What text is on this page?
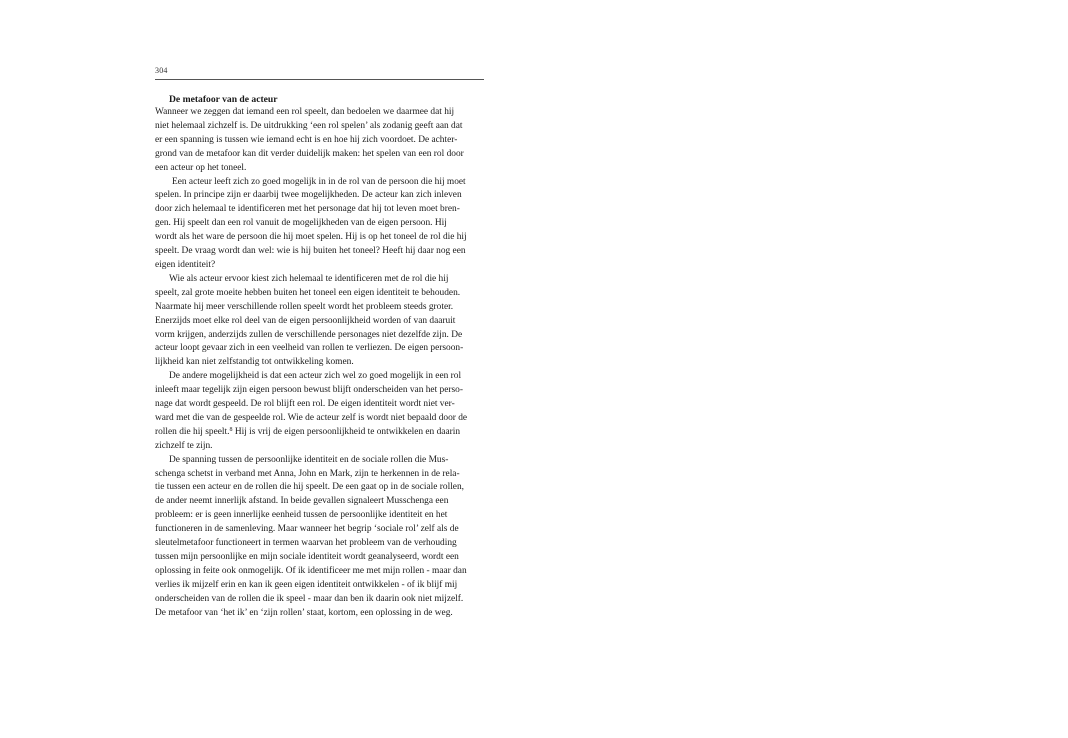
304
De metafoor van de acteur

Wanneer we zeggen dat iemand een rol speelt, dan bedoelen we daarmee dat hij
niet helemaal zichzelf is. De uitdrukking ‘een rol spelen’ als zodanig geeft aan dat
er een spanning is tussen wie iemand echt is en hoe hij zich voordoet. De achter-
grond van de metafoor kan dit verder duidelijk maken: het spelen van een rol door
een acteur op het toneel.

Een acteur leeft zich zo goed mogelijk in in de rol van de persoon die hij moet
spelen. In principe zijn er daarbij twee mogelijkheden. De acteur kan zich inleven
door zich helemaal te identificeren met het personage dat hij tot leven moet bren-
gen. Hij speelt dan een rol vanuit de mogelijkheden van de eigen persoon. Hij
wordt als het ware de persoon die hij moet spelen. Hij is op het toneel de rol die hij
speelt. De vraag wordt dan wel: wie is hij buiten het toneel? Heeft hij daar nog een
eigen identiteit?

Wie als acteur ervoor kiest zich helemaal te identificeren met de rol die hij
speelt, zal grote moeite hebben buiten het toneel een eigen identiteit te behouden.
Naarmate hij meer verschillende rollen speelt wordt het probleem steeds groter.
Enerzijds moet elke rol deel van de eigen persoonlijkheid worden of van daaruit
vorm krijgen, anderzijds zullen de verschillende personages niet dezelfde zijn. De
acteur loopt gevaar zich in een veelheid van rollen te verliezen. De eigen persoon-
lijkheid kan niet zelfstandig tot ontwikkeling komen.

De andere mogelijkheid is dat een acteur zich wel zo goed mogelijk in een rol
inleeft maar tegelijk zijn eigen persoon bewust blijft onderscheiden van het perso-
nage dat wordt gespeeld. De rol blijft een rol. De eigen identiteit wordt niet ver-
ward met die van de gespeelde rol. Wie de acteur zelf is wordt niet bepaald door de
rollen die hij speelt.$^8$ Hij is vrij de eigen persoonlijkheid te ontwikkelen en daarin
zichzelf te zijn.

De spanning tussen de persoonlijke identiteit en de sociale rollen die Mus-
schenga schetst in verband met Anna, John en Mark, zijn te herkennen in de rela-
tie tussen een acteur en de rollen die hij speelt. De een gaat op in de sociale rollen,
de ander neemt innerlijk afstand. In beide gevallen signaleert Musschenga een
probleem: er is geen innerlijke eenheid tussen de persoonlijke identiteit en het
functioneren in de samenleving. Maar wanneer het begrip ‘sociale rol’ zelf als de
sleutelmetafoor functioneert in termen waarvan het probleem van de verhouding
tussen mijn persoonlijke en mijn sociale identiteit wordt geanalyseerd, wordt een
oplossing in feite ook onmogelijk. Of ik identificeer me met mijn rollen - maar dan
verlies ik mijzelf erin en kan ik geen eigen identiteit ontwikkelen - of ik blijf mij
onderscheiden van de rollen die ik speel - maar dan ben ik daarin ook niet mijzelf.
De metafoor van ‘het ik’ en ‘zijn rollen’ staat, kortom, een oplossing in de weg.
